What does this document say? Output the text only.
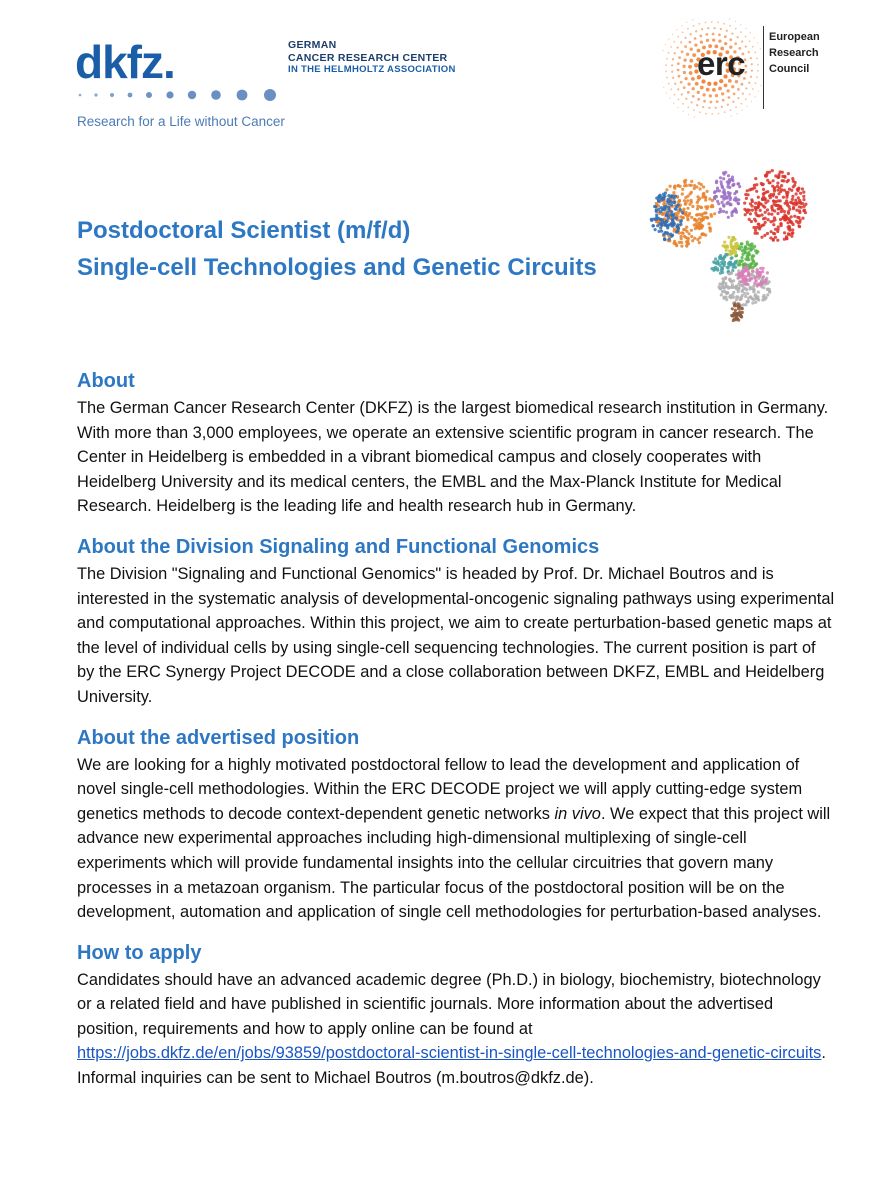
dkfz.	GERMAN
CANCER RESEARCH CENTER
IN THE HELMHOLTZ ASSOCIATION
Research for a Life without Cancer
erc
European
Research
Council
Postdoctoral Scientist (m/f/d)
Single-cell Technologies and Genetic Circuits
About

The German Cancer Research Center (DKFZ) is the largest biomedical research institution in Germany. With more than 3,000 employees, we operate an extensive scientific program in cancer research. The Center in Heidelberg is embedded in a vibrant biomedical campus and closely cooperates with Heidelberg University and its medical centers, the EMBL and the Max-Planck Institute for Medical Research. Heidelberg is the leading life and health research hub in Germany.

About the Division Signaling and Functional Genomics

The Division "Signaling and Functional Genomics" is headed by Prof. Dr. Michael Boutros and is interested in the systematic analysis of developmental-oncogenic signaling pathways using experimental and computational approaches. Within this project, we aim to create perturbation-based genetic maps at the level of individual cells by using single-cell sequencing technologies. The current position is part of by the ERC Synergy Project DECODE and a close collaboration between DKFZ, EMBL and Heidelberg University.

About the advertised position

We are looking for a highly motivated postdoctoral fellow to lead the development and application of novel single-cell methodologies. Within the ERC DECODE project we will apply cutting-edge system genetics methods to decode context-dependent genetic networks in vivo. We expect that this project will advance new experimental approaches including high-dimensional multiplexing of single-cell experiments which will provide fundamental insights into the cellular circuitries that govern many processes in a metazoan organism. The particular focus of the postdoctoral position will be on the development, automation and application of single cell methodologies for perturbation-based analyses.

How to apply

Candidates should have an advanced academic degree (Ph.D.) in biology, biochemistry, biotechnology or a related field and have published in scientific journals. More information about the advertised position, requirements and how to apply online can be found at https://jobs.dkfz.de/en/jobs/93859/postdoctoral-scientist-in-single-cell-technologies-and-genetic-circuits. Informal inquiries can be sent to Michael Boutros (m.boutros@dkfz.de).
